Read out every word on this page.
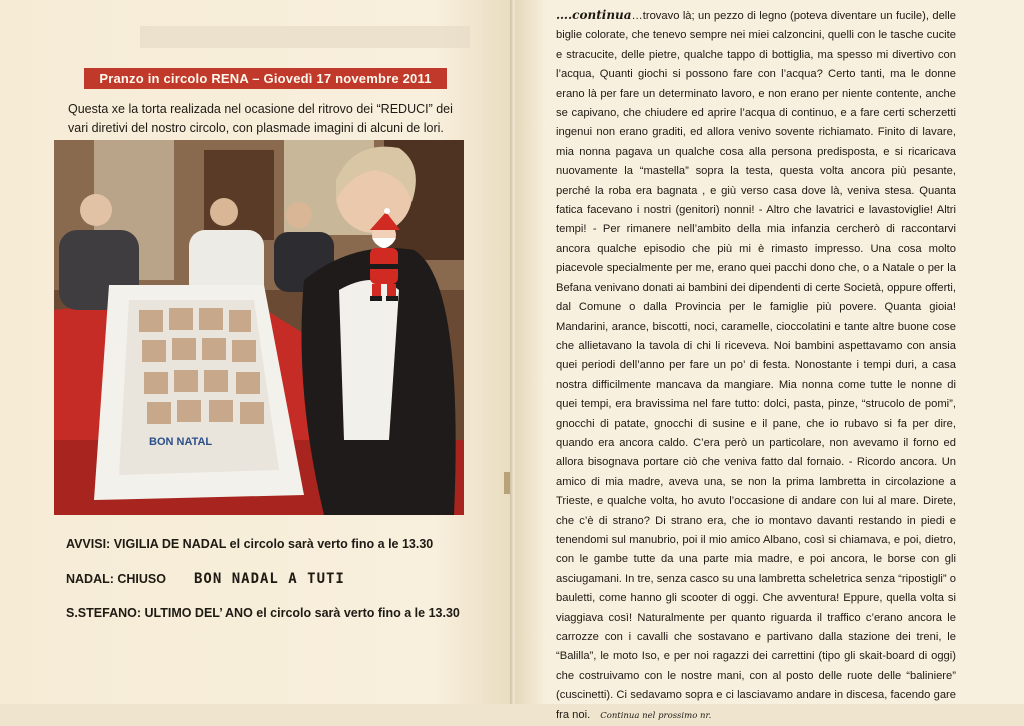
Pranzo in circolo RENA – Giovedì 17 novembre 2011
Questa xe la torta realizada nel ocasione del ritrovo dei “REDUCI” dei vari diretivi del nostro circolo, con plasmade imagini di alcuni de lori.
BON NATAL
AVVISI: VIGILIA DE NADAL el circolo sarà verto fino a le 13.30
NADAL: CHIUSO BON NADAL A TUTI
S.STEFANO: ULTIMO DEL’ ANO el circolo sarà verto fino a le 13.30
….continua…trovavo là; un pezzo di legno (poteva diventare un fucile), delle biglie colorate, che tenevo sempre nei miei calzoncini, quelli con le tasche cucite e stracucite, delle pietre, qualche tappo di bottiglia, ma spesso mi divertivo con l’acqua, Quanti giochi si possono fare con l’acqua? Certo tanti, ma le donne erano là per fare un determinato lavoro, e non erano per niente contente, anche se capivano, che chiudere ed aprire l’acqua di continuo, e a fare certi scherzetti ingenui non erano graditi, ed allora venivo sovente richiamato. Finito di lavare, mia nonna pagava un qualche cosa alla persona predisposta, e si ricaricava nuovamente la “mastella” sopra la testa, questa volta ancora più pesante, perché la roba era bagnata , e giù verso casa dove là, veniva stesa. Quanta fatica facevano i nostri (genitori) nonni! - Altro che lavatrici e lavastoviglie! Altri tempi! - Per rimanere nell’ambito della mia infanzia cercherò di raccontarvi ancora qualche episodio che più mi è rimasto impresso. Una cosa molto piacevole specialmente per me, erano quei pacchi dono che, o a Natale o per la Befana venivano donati ai bambini dei dipendenti di certe Società, oppure offerti, dal Comune o dalla Provincia per le famiglie più povere. Quanta gioia! Mandarini, arance, biscotti, noci, caramelle, cioccolatini e tante altre buone cose che allietavano la tavola di chi li riceveva. Noi bambini aspettavamo con ansia quei periodi dell’anno per fare un po’ di festa. Nonostante i tempi duri, a casa nostra difficilmente mancava da mangiare. Mia nonna come tutte le nonne di quei tempi, era bravissima nel fare tutto: dolci, pasta, pinze, “strucolo de pomi”, gnocchi di patate, gnocchi di susine e il pane, che io rubavo si fa per dire, quando era ancora caldo. C’era però un particolare, non avevamo il forno ed allora bisognava portare ciò che veniva fatto dal fornaio. - Ricordo ancora. Un amico di mia madre, aveva una, se non la prima lambretta in circolazione a Trieste, e qualche volta, ho avuto l’occasione di andare con lui al mare. Direte, che c’è di strano? Di strano era, che io montavo davanti restando in piedi e tenendomi sul manubrio, poi il mio amico Albano, così si chiamava, e poi, dietro, con le gambe tutte da una parte mia madre, e poi ancora, le borse con gli asciugamani. In tre, senza casco su una lambretta scheletrica senza “ripostigli” o bauletti, come hanno gli scooter di oggi. Che avventura! Eppure, quella volta si viaggiava così! Naturalmente per quanto riguarda il traffico c’erano ancora le carrozze con i cavalli che sostavano e partivano dalla stazione dei treni, le “Balilla”, le moto Iso, e per noi ragazzi dei carrettini (tipo gli skait-board di oggi) che costruivamo con le nostre mani, con al posto delle ruote delle “baliniere” (cuscinetti). Ci sedavamo sopra e ci lasciavamo andare in discesa, facendo gare fra noi. Continua nel prossimo nr.
